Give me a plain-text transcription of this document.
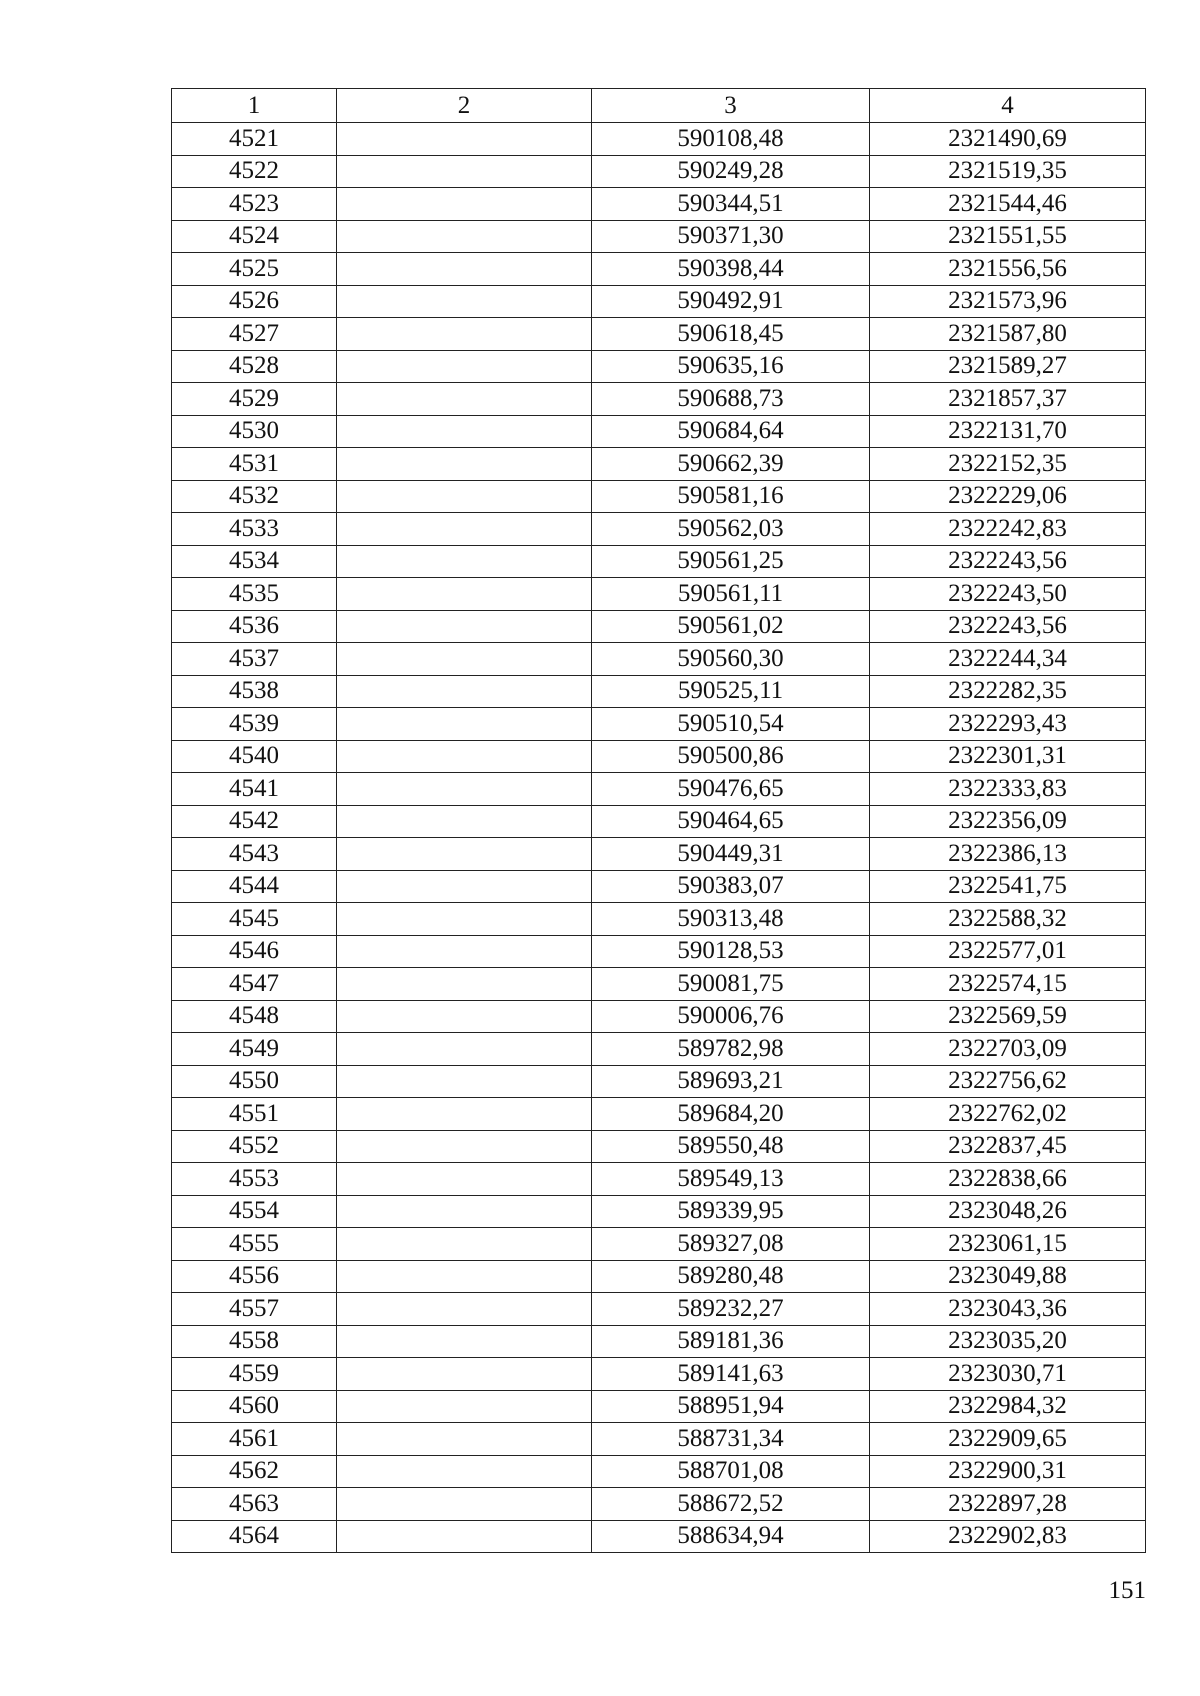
1	2	3	4
4521		590108,48	2321490,69
4522		590249,28	2321519,35
4523		590344,51	2321544,46
4524		590371,30	2321551,55
4525		590398,44	2321556,56
4526		590492,91	2321573,96
4527		590618,45	2321587,80
4528		590635,16	2321589,27
4529		590688,73	2321857,37
4530		590684,64	2322131,70
4531		590662,39	2322152,35
4532		590581,16	2322229,06
4533		590562,03	2322242,83
4534		590561,25	2322243,56
4535		590561,11	2322243,50
4536		590561,02	2322243,56
4537		590560,30	2322244,34
4538		590525,11	2322282,35
4539		590510,54	2322293,43
4540		590500,86	2322301,31
4541		590476,65	2322333,83
4542		590464,65	2322356,09
4543		590449,31	2322386,13
4544		590383,07	2322541,75
4545		590313,48	2322588,32
4546		590128,53	2322577,01
4547		590081,75	2322574,15
4548		590006,76	2322569,59
4549		589782,98	2322703,09
4550		589693,21	2322756,62
4551		589684,20	2322762,02
4552		589550,48	2322837,45
4553		589549,13	2322838,66
4554		589339,95	2323048,26
4555		589327,08	2323061,15
4556		589280,48	2323049,88
4557		589232,27	2323043,36
4558		589181,36	2323035,20
4559		589141,63	2323030,71
4560		588951,94	2322984,32
4561		588731,34	2322909,65
4562		588701,08	2322900,31
4563		588672,52	2322897,28
4564		588634,94	2322902,83
151
